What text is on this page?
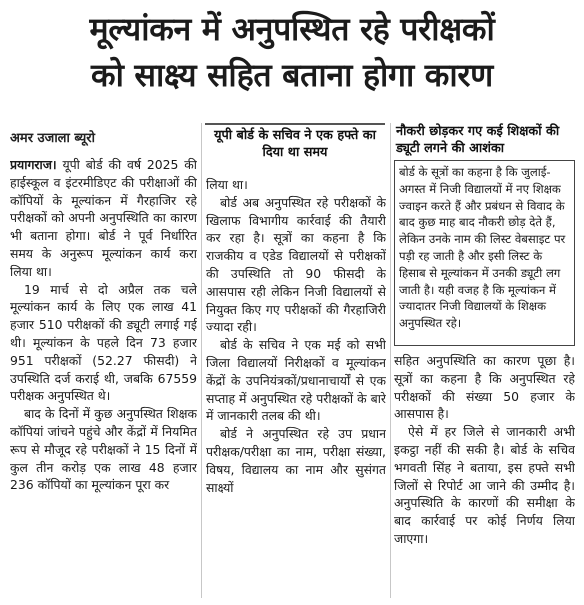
मूल्यांकन में अनुपस्थित रहे परीक्षकों
को साक्ष्य सहित बताना होगा कारण
अमर उजाला ब्यूरो

प्रयागराज। यूपी बोर्ड की वर्ष 2025 की हाईस्कूल व इंटरमीडिएट की परीक्षाओं की कॉपियों के मूल्यांकन में गैरहाजिर रहे परीक्षकों को अपनी अनुपस्थिति का कारण भी बताना होगा। बोर्ड ने पूर्व निर्धारित समय के अनुरूप मूल्यांकन कार्य करा लिया था।

19 मार्च से दो अप्रैल तक चले मूल्यांकन कार्य के लिए एक लाख 41 हजार 510 परीक्षकों की ड्यूटी लगाई गई थी। मूल्यांकन के पहले दिन 73 हजार 951 परीक्षकों (52.27 फीसदी) ने उपस्थिति दर्ज कराई थी, जबकि 67559 परीक्षक अनुपस्थित थे।

बाद के दिनों में कुछ अनुपस्थित शिक्षक कॉपियां जांचने पहुंचे और केंद्रों में नियमित रूप से मौजूद रहे परीक्षकों ने 15 दिनों में कुल तीन करोड़ एक लाख 48 हजार 236 कॉपियों का मूल्यांकन पूरा कर

यूपी बोर्ड के सचिव ने एक हफ्ते का दिया था समय

लिया था।

बोर्ड अब अनुपस्थित रहे परीक्षकों के खिलाफ विभागीय कार्रवाई की तैयारी कर रहा है। सूत्रों का कहना है कि राजकीय व एडेड विद्यालयों से परीक्षकों की उपस्थिति तो 90 फीसदी के आसपास रही लेकिन निजी विद्यालयों से नियुक्त किए गए परीक्षकों की गैरहाजिरी ज्यादा रही।

बोर्ड के सचिव ने एक मई को सभी जिला विद्यालयों निरीक्षकों व मूल्यांकन केंद्रों के उपनियंत्रकों/प्रधानाचार्यों से एक सप्ताह में अनुपस्थित रहे परीक्षकों के बारे में जानकारी तलब की थी।

बोर्ड ने अनुपस्थित रहे उप प्रधान परीक्षक/परीक्षा का नाम, परीक्षा संख्या, विषय, विद्यालय का नाम और सुसंगत साक्ष्यों

नौकरी छोड़कर गए कई शिक्षकों की ड्यूटी लगने की आशंका
बोर्ड के सूत्रों का कहना है कि जुलाई-अगस्त में निजी विद्यालयों में नए शिक्षक ज्वाइन करते हैं और प्रबंधन से विवाद के बाद कुछ माह बाद नौकरी छोड़ देते हैं, लेकिन उनके नाम की लिस्ट वेबसाइट पर पड़ी रह जाती है और इसी लिस्ट के हिसाब से मूल्यांकन में उनकी ड्यूटी लग जाती है। यही वजह है कि मूल्यांकन में ज्यादातर निजी विद्यालयों के शिक्षक अनुपस्थित रहे।

सहित अनुपस्थिति का कारण पूछा है। सूत्रों का कहना है कि अनुपस्थित रहे परीक्षकों की संख्या 50 हजार के आसपास है।

ऐसे में हर जिले से जानकारी अभी इकट्ठा नहीं की सकी है। बोर्ड के सचिव भगवती सिंह ने बताया, इस हफ्ते सभी जिलों से रिपोर्ट आ जाने की उम्मीद है। अनुपस्थिति के कारणों की समीक्षा के बाद कार्रवाई पर कोई निर्णय लिया जाएगा।
